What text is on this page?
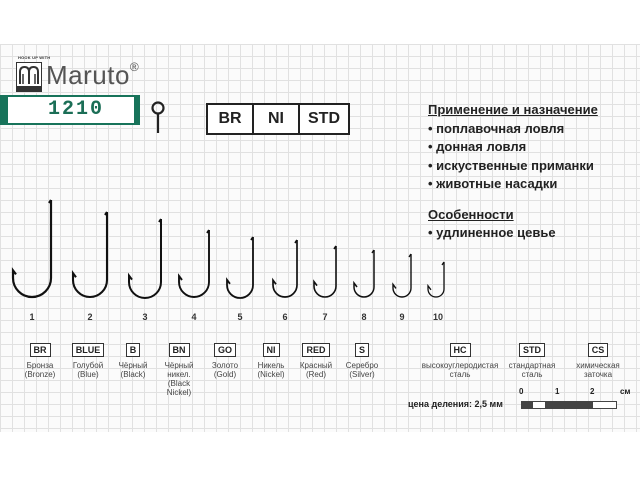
HOOK UP WITH
Maruto®
1210	BR	NI	STD
Применение и назначение
• поплавочная ловля
• донная ловля
• искуственные приманки
• животные насадки
Особенности
• удлиненное цевье
1	2	3	4	5	6	7	8	9	10
BR
Бронза
(Bronze)
BLUE
Голубой
(Blue)
B
Чёрный
(Black)
BN
Чёрный
никел.
(Black
Nickel)
GO
Золото
(Gold)
NI
Никель
(Nickel)
RED
Красный
(Red)
S
Серебро
(Silver)
HC
высокоуглеродистая
сталь
STD
стандартная
сталь
CS
химическая
заточка
цена деления: 2,5 мм
0	1	2	см
